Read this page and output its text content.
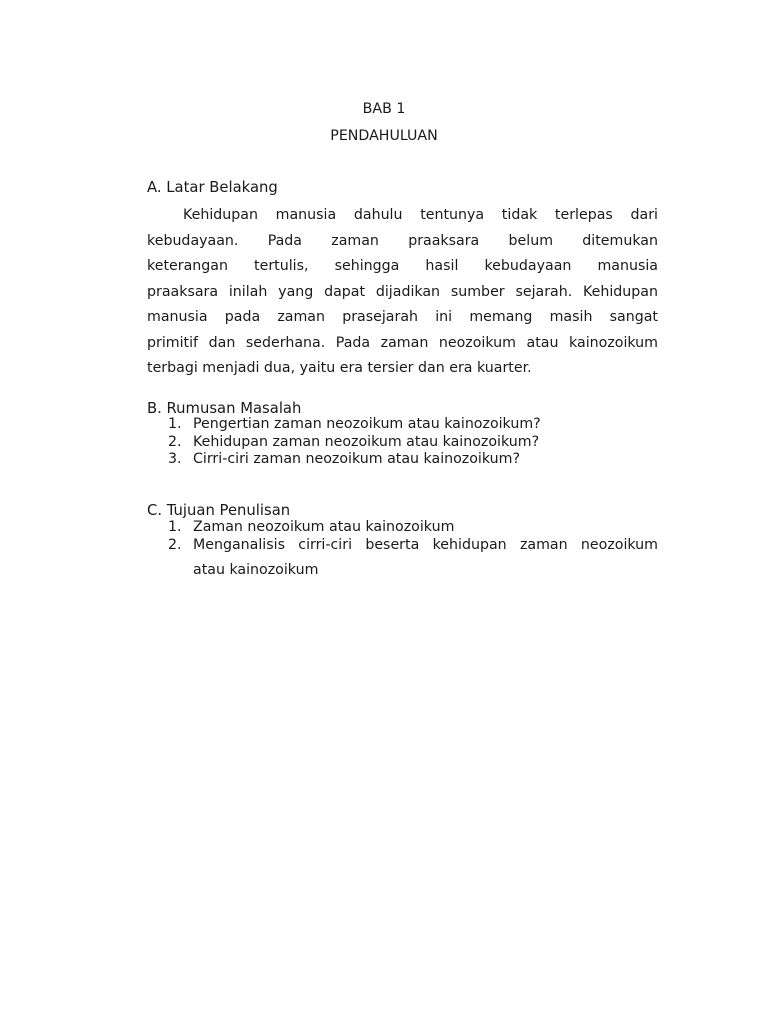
BAB 1
PENDAHULUAN
A. Latar Belakang
Kehidupan manusia dahulu tentunya tidak terlepas dari
kebudayaan. Pada zaman praaksara belum ditemukan
keterangan tertulis, sehingga hasil kebudayaan manusia
praaksara inilah yang dapat dijadikan sumber sejarah. Kehidupan
manusia pada zaman prasejarah ini memang masih sangat
primitif dan sederhana. Pada zaman neozoikum atau kainozoikum
terbagi menjadi dua, yaitu era tersier dan era kuarter.
B. Rumusan Masalah
1. Pengertian zaman neozoikum atau kainozoikum?
2. Kehidupan zaman neozoikum atau kainozoikum?
3. Cirri-ciri zaman neozoikum atau kainozoikum?
C. Tujuan Penulisan
1. Zaman neozoikum atau kainozoikum
2. Menganalisis cirri-ciri beserta kehidupan zaman neozoikum
atau kainozoikum
